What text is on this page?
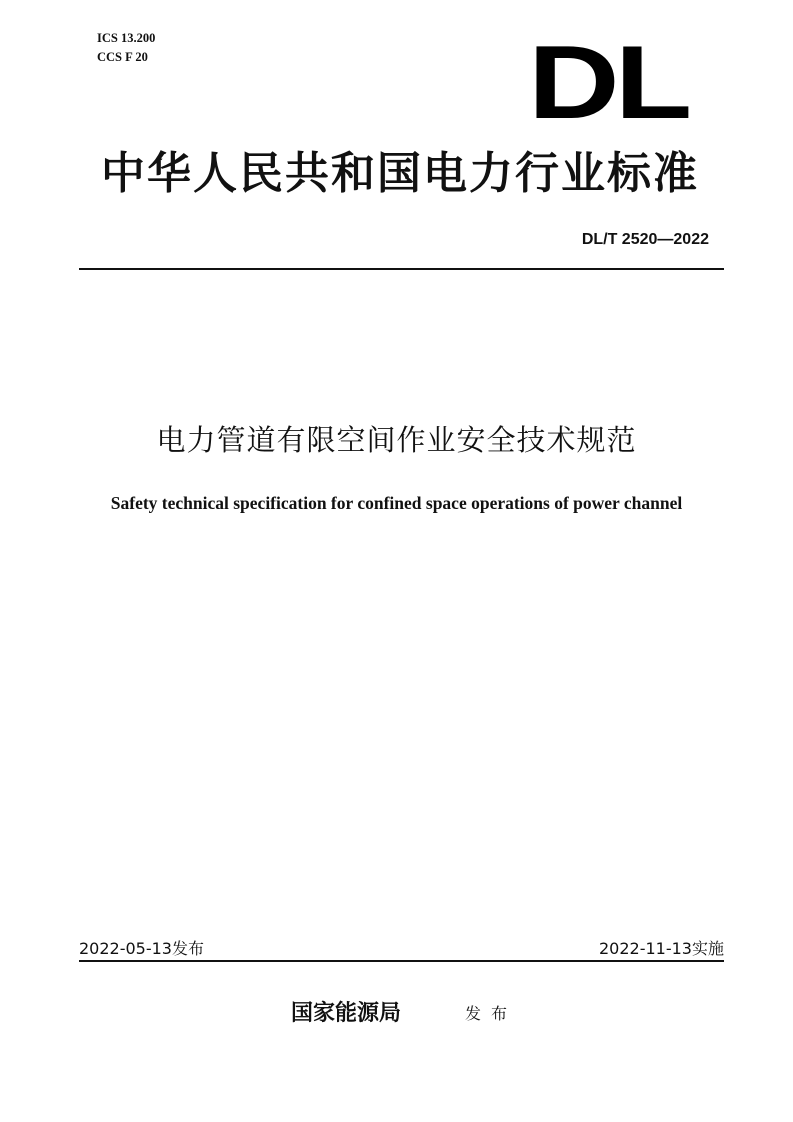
ICS 13.200
CCS F 20	DL
中华人民共和国电力行业标准
DL/T 2520—2022
电力管道有限空间作业安全技术规范
Safety technical specification for confined space operations of power channel
2022-05-13发布	2022-11-13实施
国家能源局	发布
